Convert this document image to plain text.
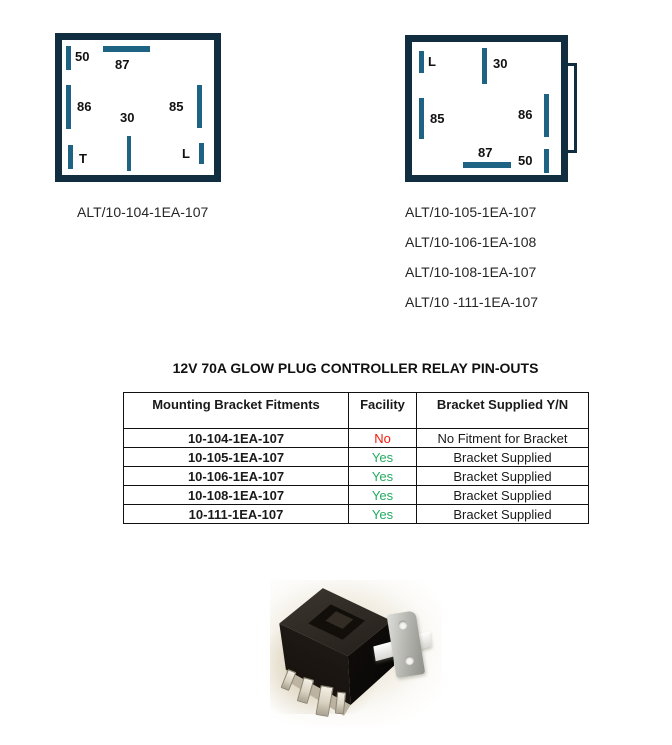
50
87
86
30
85
T	L
L	30
85	86
87
50
ALT/10-104-1EA-107	ALT/10-105-1EA-107
ALT/10-106-1EA-108
ALT/10-108-1EA-107
ALT/10 -111-1EA-107
12V 70A GLOW PLUG CONTROLLER RELAY PIN-OUTS
Mounting Bracket Fitments	Facility	Bracket Supplied Y/N
10-104-1EA-107	No	No Fitment for Bracket
10-105-1EA-107	Yes	Bracket Supplied
10-106-1EA-107	Yes	Bracket Supplied
10-108-1EA-107	Yes	Bracket Supplied
10-111-1EA-107	Yes	Bracket Supplied
